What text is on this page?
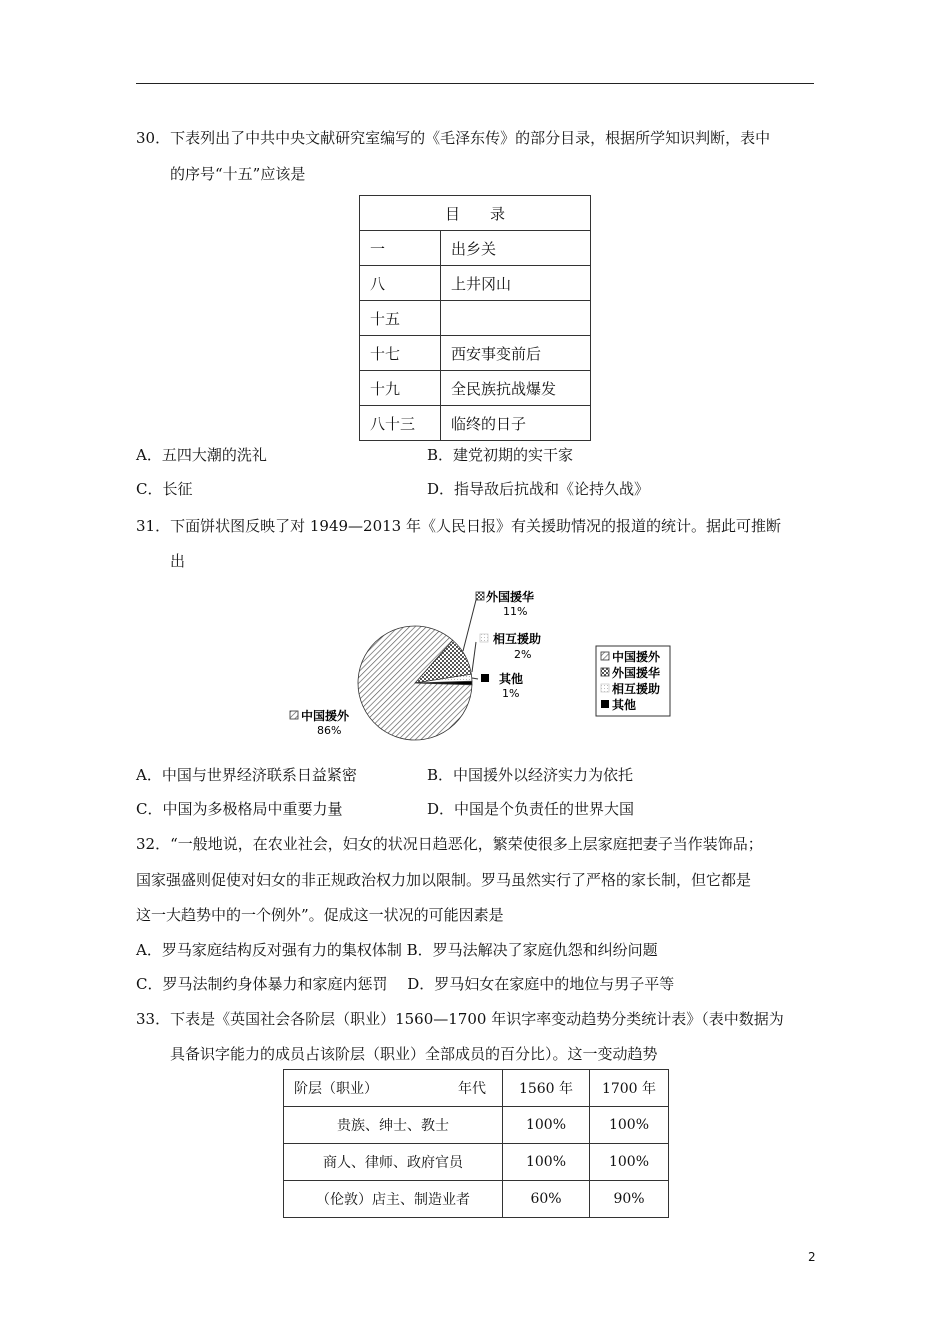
30．下表列出了中共中央文献研究室编写的《毛泽东传》的部分目录，根据所学知识判断，表中
的序号“十五”应该是
目　　录	
一	出乡关
八	上井冈山
十五	
十七	西安事变前后
十九	全民族抗战爆发
八十三	临终的日子
A．五四大潮的洗礼	B．建党初期的实干家
C．长征	D．指导敌后抗战和《论持久战》
31．下面饼状图反映了对 1949—2013 年《人民日报》有关援助情况的报道的统计。据此可推断
出
外国援华
11%
相互援助
2%
其他
1%
中国援外
86%
中国援外
外国援华
相互援助
其他
A．中国与世界经济联系日益紧密	B．中国援外以经济实力为依托
C．中国为多极格局中重要力量	D．中国是个负责任的世界大国
32．“一般地说，在农业社会，妇女的状况日趋恶化，繁荣使很多上层家庭把妻子当作装饰品；
国家强盛则促使对妇女的非正规政治权力加以限制。罗马虽然实行了严格的家长制，但它都是
这一大趋势中的一个例外”。促成这一状况的可能因素是
A．罗马家庭结构反对强有力的集权体制 B．罗马法解决了家庭仇怨和纠纷问题
C．罗马法制约身体暴力和家庭内惩罚　 D．罗马妇女在家庭中的地位与男子平等
33．下表是《英国社会各阶层（职业）1560—1700 年识字率变动趋势分类统计表》（表中数据为
具备识字能力的成员占该阶层（职业）全部成员的百分比）。这一变动趋势
阶层（职业） 年代	1560 年	1700 年
贵族、绅士、教士	100%	100%
商人、律师、政府官员	100%	100%
（伦敦）店主、制造业者	60%	90%
2
